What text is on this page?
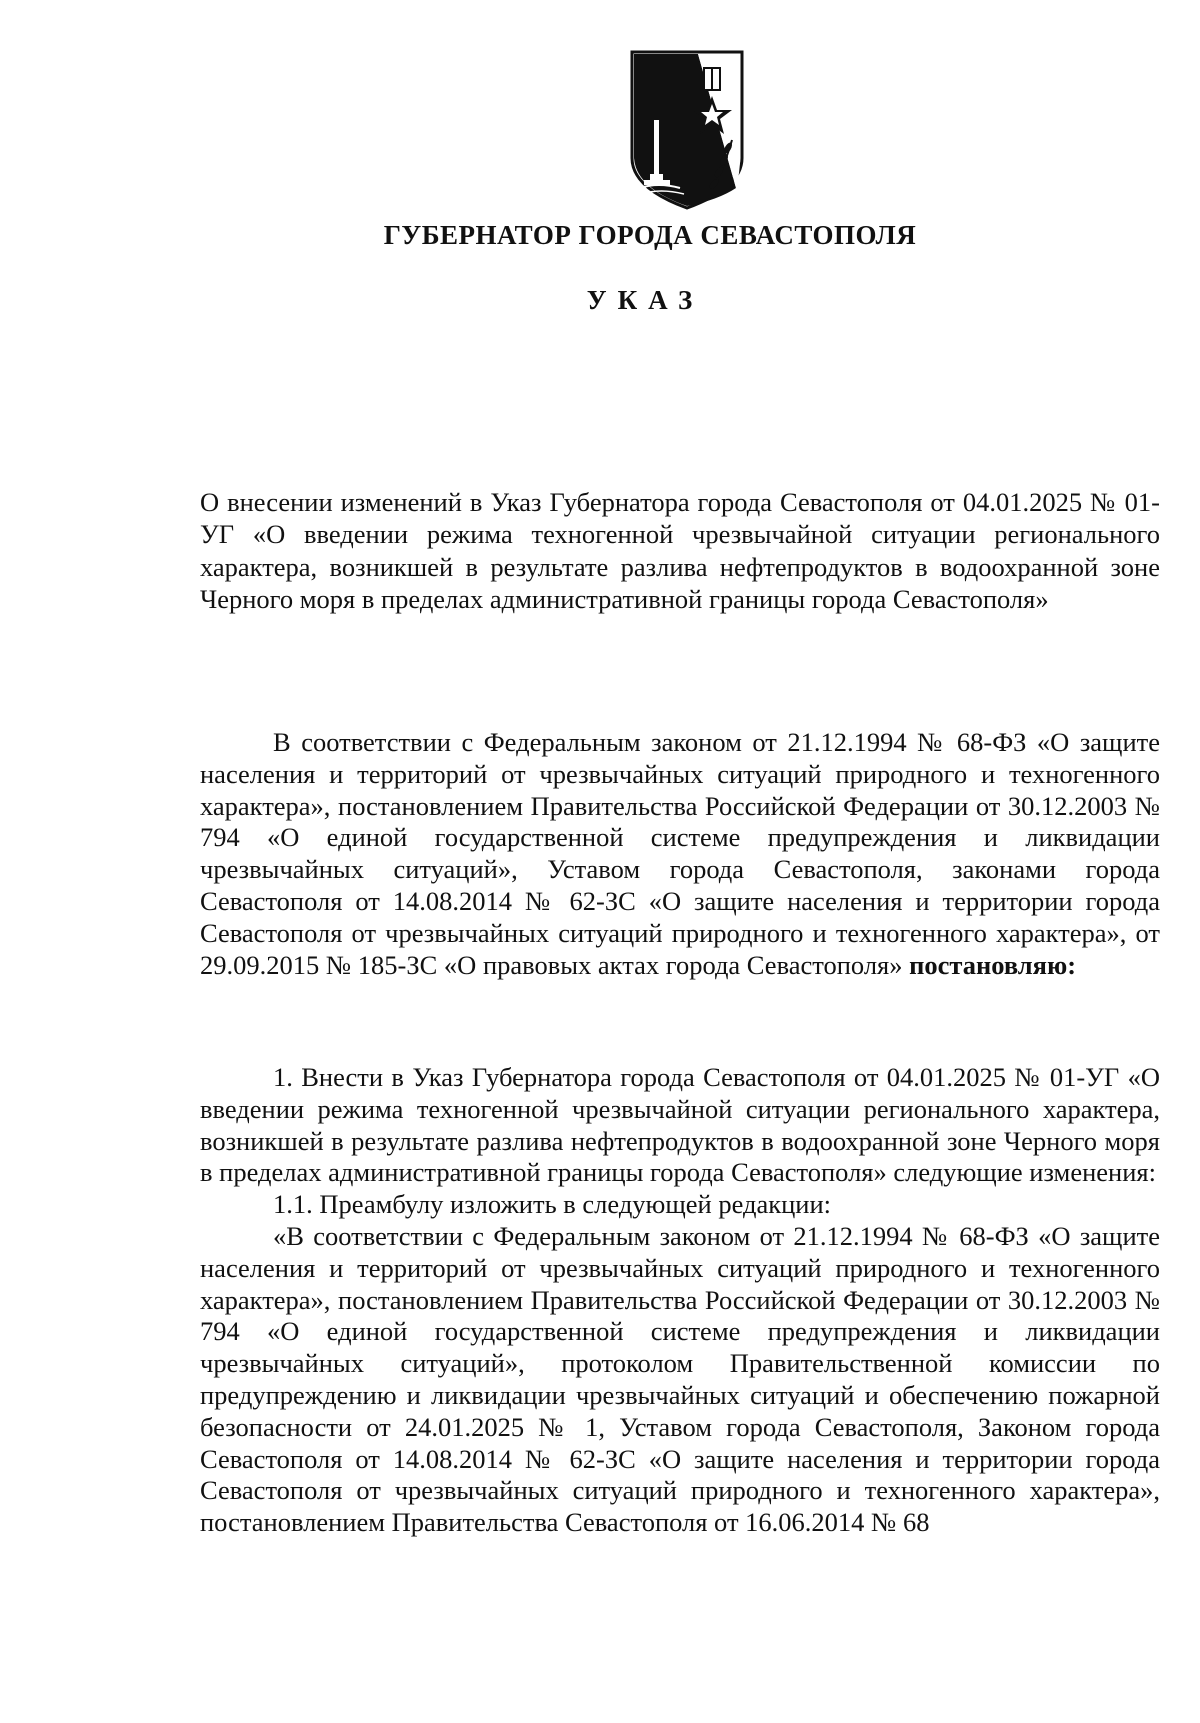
ГУБЕРНАТОР ГОРОДА СЕВАСТОПОЛЯ
УКАЗ
О внесении изменений в Указ Губернатора города Севастополя от 04.01.2025 № 01-УГ «О введении режима техногенной чрезвычайной ситуации регионального характера, возникшей в результате разлива нефтепродуктов в водоохранной зоне Черного моря в пределах административной границы города Севастополя»

В соответствии с Федеральным законом от 21.12.1994 № 68-ФЗ «О защите населения и территорий от чрезвычайных ситуаций природного и техногенного характера», постановлением Правительства Российской Федерации от 30.12.2003 № 794 «О единой государственной системе предупреждения и ликвидации чрезвычайных ситуаций», Уставом города Севастополя, законами города Севастополя от 14.08.2014 № 62-ЗС «О защите населения и территории города Севастополя от чрезвычайных ситуаций природного и техногенного характера», от 29.09.2015 № 185-ЗС «О правовых актах города Севастополя» постановляю:

1. Внести в Указ Губернатора города Севастополя от 04.01.2025 № 01-УГ «О введении режима техногенной чрезвычайной ситуации регионального характера, возникшей в результате разлива нефтепродуктов в водоохранной зоне Черного моря в пределах административной границы города Севастополя» следующие изменения:

1.1. Преамбулу изложить в следующей редакции:

«В соответствии с Федеральным законом от 21.12.1994 № 68-ФЗ «О защите населения и территорий от чрезвычайных ситуаций природного и техногенного характера», постановлением Правительства Российской Федерации от 30.12.2003 № 794 «О единой государственной системе предупреждения и ликвидации чрезвычайных ситуаций», протоколом Правительственной комиссии по предупреждению и ликвидации чрезвычайных ситуаций и обеспечению пожарной безопасности от 24.01.2025 № 1, Уставом города Севастополя, Законом города Севастополя от 14.08.2014 № 62-ЗС «О защите населения и территории города Севастополя от чрезвычайных ситуаций природного и техногенного характера», постановлением Правительства Севастополя от 16.06.2014 № 68
